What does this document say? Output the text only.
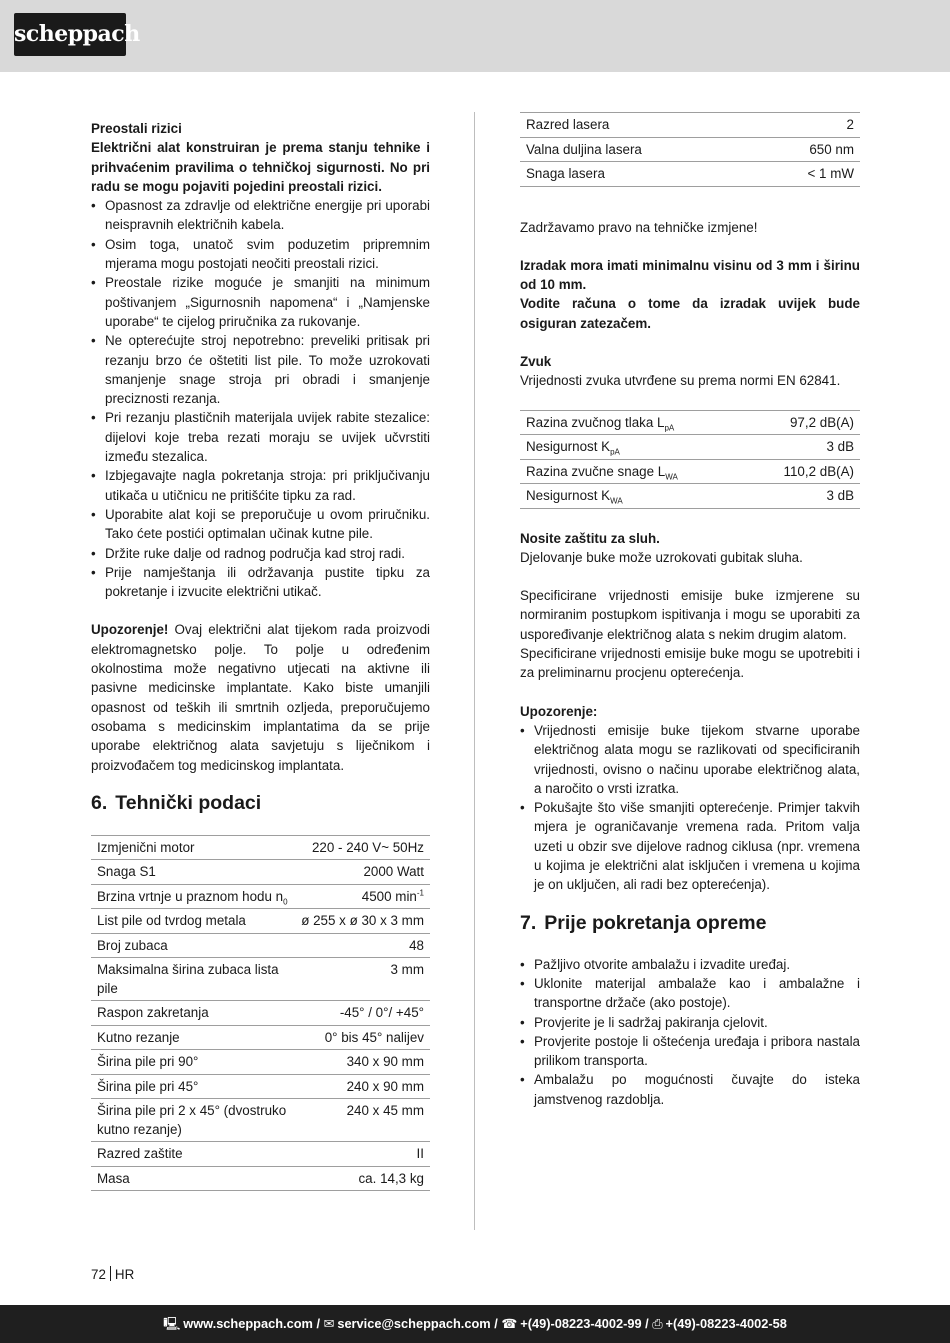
scheppach

Preostali rizici

Električni alat konstruiran je prema stanju tehnike i prihvaćenim pravilima o tehničkoj sigurnosti. No pri radu se mogu pojaviti pojedini preostali rizici.

• Opasnost za zdravlje od električne energije pri uporabi neispravnih električnih kabela.
• Osim toga, unatoč svim poduzetim pripremnim mjerama mogu postojati neočiti preostali rizici.
• Preostale rizike moguće je smanjiti na minimum poštivanjem „Sigurnosnih napomena“ i „Namjenske uporabe“ te cijelog priručnika za rukovanje.
• Ne opterećujte stroj nepotrebno: preveliki pritisak pri rezanju brzo će oštetiti list pile. To može uzrokovati smanjenje snage stroja pri obradi i smanjenje preciznosti rezanja.
• Pri rezanju plastičnih materijala uvijek rabite stezalice: dijelovi koje treba rezati moraju se uvijek učvrstiti između stezalica.
• Izbjegavajte nagla pokretanja stroja: pri priključivanju utikača u utičnicu ne pritišćite tipku za rad.
• Uporabite alat koji se preporučuje u ovom priručniku. Tako ćete postići optimalan učinak kutne pile.
• Držite ruke dalje od radnog područja kad stroj radi.
• Prije namještanja ili održavanja pustite tipku za pokretanje i izvucite električni utikač.

Upozorenje! Ovaj električni alat tijekom rada proizvodi elektromagnetsko polje. To polje u određenim okolnostima može negativno utjecati na aktivne ili pasivne medicinske implantate. Kako biste umanjili opasnost od teških ili smrtnih ozljeda, preporučujemo osobama s medicinskim implantatima da se prije uporabe električnog alata savjetuju s liječnikom i proizvođačem tog medicinskog implantata.

6. Tehnički podaci
Izmjenični motor	220 - 240 V~ 50Hz
Snaga S1	2000 Watt
Brzina vrtnje u praznom hodu $n_0$	4500 $\min^{-1}$
List pile od tvrdog metala	ø 255 x ø 30 x 3 mm
Broj zubaca	48
Maksimalna širina zubaca lista pile	3 mm
Raspon zakretanja	-45° / 0°/ +45°
Kutno rezanje	0° bis 45° nalijev
Širina pile pri 90°	340 x 90 mm
Širina pile pri 45°	240 x 90 mm
Širina pile pri 2 x 45° (dvostruko kutno rezanje)	240 x 45 mm
Razred zaštite	II
Masa	ca. 14,3 kg
Razred lasera	2
Valna duljina lasera	650 nm
Snaga lasera	< 1 mW

Zadržavamo pravo na tehničke izmjene!

Izradak mora imati minimalnu visinu od 3 mm i širinu od 10 mm.

Vodite računa o tome da izradak uvijek bude osiguran zatezačem.

Zvuk

Vrijednosti zvuka utvrđene su prema normi EN 62841.

Razina zvučnog tlaka $L_{pA}$	97,2 dB(A)
Nesigurnost $K_{pA}$	3 dB
Razina zvučne snage $L_{WA}$	110,2 dB(A)
Nesigurnost $K_{WA}$	3 dB

Nosite zaštitu za sluh.

Djelovanje buke može uzrokovati gubitak sluha.

Specificirane vrijednosti emisije buke izmjerene su normiranim postupkom ispitivanja i mogu se uporabiti za uspoređivanje električnog alata s nekim drugim alatom.

Specificirane vrijednosti emisije buke mogu se upotrebiti i za preliminarnu procjenu opterećenja.

Upozorenje:

• Vrijednosti emisije buke tijekom stvarne uporabe električnog alata mogu se razlikovati od specificiranih vrijednosti, ovisno o načinu uporabe električnog alata, a naročito o vrsti izratka.
• Pokušajte što više smanjiti opterećenje. Primjer takvih mjera je ograničavanje vremena rada. Pritom valja uzeti u obzir sve dijelove radnog ciklusa (npr. vremena u kojima je električni alat isključen i vremena u kojima je on uključen, ali radi bez opterećenja).
7. Prije pokretanja opreme
• Pažljivo otvorite ambalažu i izvadite uređaj.
• Uklonite materijal ambalaže kao i ambalažne i transportne držače (ako postoje).
• Provjerite je li sadržaj pakiranja cjelovit.
• Provjerite postoje li oštećenja uređaja i pribora nastala prilikom transporta.
• Ambalažu po mogućnosti čuvajte do isteka jamstvenog razdoblja.
72 HR
🖳 www.scheppach.com / ✉ service@scheppach.com / ☎ +(49)-08223-4002-99 / ⎙ +(49)-08223-4002-58
